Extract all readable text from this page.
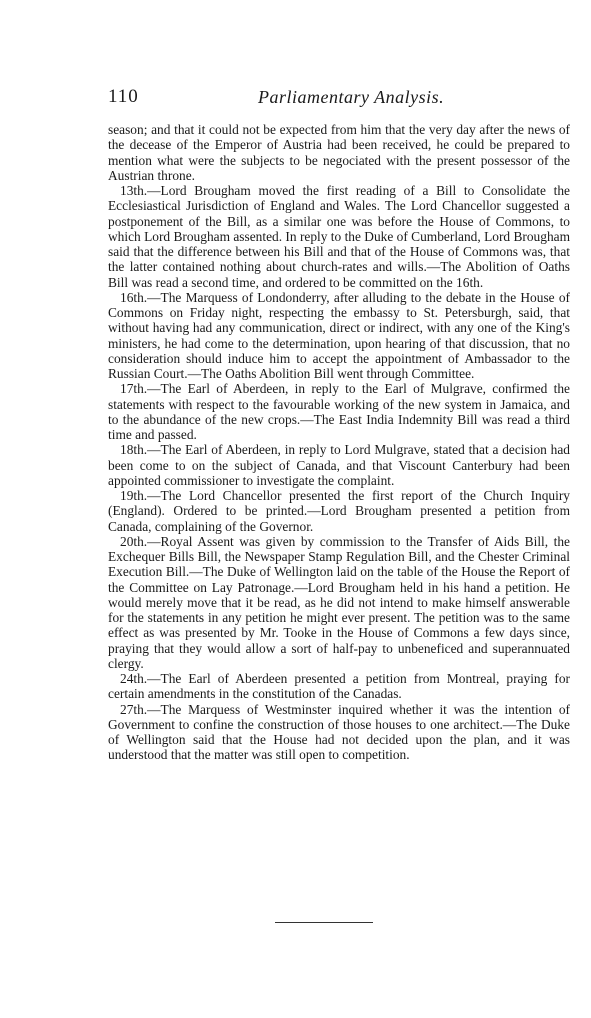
110	Parliamentary Analysis.

season; and that it could not be expected from him that the very day after the news of the decease of the Emperor of Austria had been received, he could be prepared to mention what were the subjects to be negociated with the present possessor of the Austrian throne.

13th.—Lord Brougham moved the first reading of a Bill to Consolidate the Ecclesiastical Jurisdiction of England and Wales. The Lord Chancellor suggested a postponement of the Bill, as a similar one was before the House of Commons, to which Lord Brougham assented. In reply to the Duke of Cumberland, Lord Brougham said that the difference between his Bill and that of the House of Commons was, that the latter contained nothing about church-rates and wills.—The Abolition of Oaths Bill was read a second time, and ordered to be committed on the 16th.

16th.—The Marquess of Londonderry, after alluding to the debate in the House of Commons on Friday night, respecting the embassy to St. Petersburgh, said, that without having had any communication, direct or indirect, with any one of the King's ministers, he had come to the determination, upon hearing of that discussion, that no consideration should induce him to accept the appointment of Ambassador to the Russian Court.—The Oaths Abolition Bill went through Committee.

17th.—The Earl of Aberdeen, in reply to the Earl of Mulgrave, confirmed the statements with respect to the favourable working of the new system in Jamaica, and to the abundance of the new crops.—The East India Indemnity Bill was read a third time and passed.

18th.—The Earl of Aberdeen, in reply to Lord Mulgrave, stated that a decision had been come to on the subject of Canada, and that Viscount Canterbury had been appointed commissioner to investigate the complaint.

19th.—The Lord Chancellor presented the first report of the Church Inquiry (England). Ordered to be printed.—Lord Brougham presented a petition from Canada, complaining of the Governor.

20th.—Royal Assent was given by commission to the Transfer of Aids Bill, the Exchequer Bills Bill, the Newspaper Stamp Regulation Bill, and the Chester Criminal Execution Bill.—The Duke of Wellington laid on the table of the House the Report of the Committee on Lay Patronage.—Lord Brougham held in his hand a petition. He would merely move that it be read, as he did not intend to make himself answerable for the statements in any petition he might ever present. The petition was to the same effect as was presented by Mr. Tooke in the House of Commons a few days since, praying that they would allow a sort of half-pay to unbeneficed and superannuated clergy.

24th.—The Earl of Aberdeen presented a petition from Montreal, praying for certain amendments in the constitution of the Canadas.

27th.—The Marquess of Westminster inquired whether it was the intention of Government to confine the construction of those houses to one architect.—The Duke of Wellington said that the House had not decided upon the plan, and it was understood that the matter was still open to competition.
